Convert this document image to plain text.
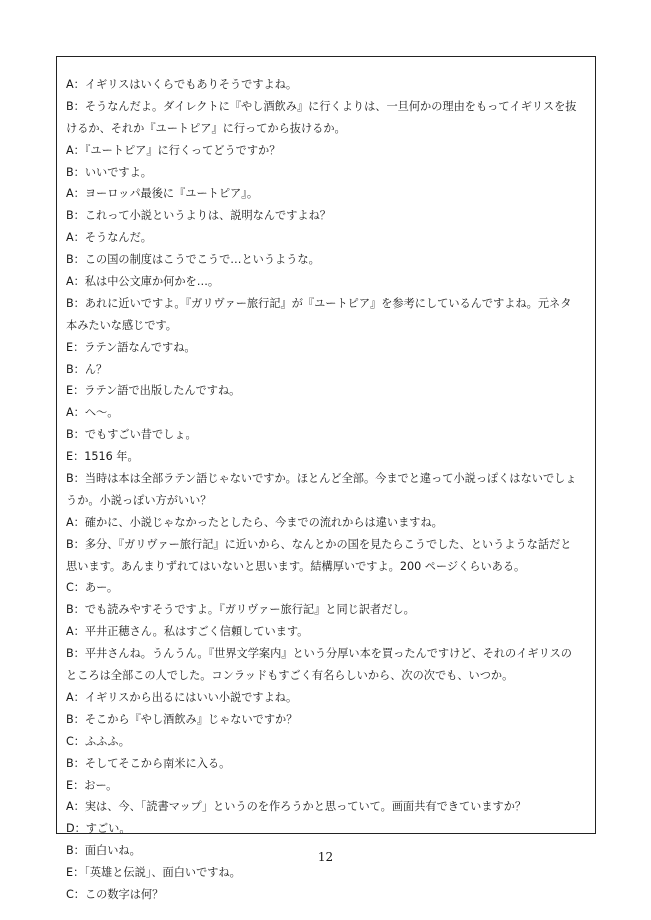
A：イギリスはいくらでもありそうですよね。
B：そうなんだよ。ダイレクトに『やし酒飲み』に行くよりは、一旦何かの理由をもってイギリスを抜
けるか、それか『ユートピア』に行ってから抜けるか。
A：『ユートピア』に行くってどうですか？
B：いいですよ。
A：ヨーロッパ最後に『ユートピア』。
B：これって小説というよりは、説明なんですよね？
A：そうなんだ。
B：この国の制度はこうでこうで…というような。
A：私は中公文庫か何かを…。
B：あれに近いですよ。『ガリヴァー旅行記』が『ユートピア』を参考にしているんですよね。元ネタ
本みたいな感じです。
E：ラテン語なんですね。
B：ん？
E：ラテン語で出版したんですね。
A：へ～。
B：でもすごい昔でしょ。
E：1516 年。
B：当時は本は全部ラテン語じゃないですか。ほとんど全部。今までと違って小説っぽくはないでしょ
うか。小説っぽい方がいい？
A：確かに、小説じゃなかったとしたら、今までの流れからは違いますね。
B：多分、『ガリヴァー旅行記』に近いから、なんとかの国を見たらこうでした、というような話だと
思います。あんまりずれてはいないと思います。結構厚いですよ。200 ページくらいある。
C：あー。
B：でも読みやすそうですよ。『ガリヴァー旅行記』と同じ訳者だし。
A：平井正穂さん。私はすごく信頼しています。
B：平井さんね。うんうん。『世界文学案内』という分厚い本を買ったんですけど、それのイギリスの
ところは全部この人でした。コンラッドもすごく有名らしいから、次の次でも、いつか。
A：イギリスから出るにはいい小説ですよね。
B：そこから『やし酒飲み』じゃないですか？
C：ふふふ。
B：そしてそこから南米に入る。
E：おー。
A：実は、今、「読書マップ」というのを作ろうかと思っていて。画面共有できていますか？
D：すごい。
B：面白いね。
E：「英雄と伝説」、面白いですね。
C：この数字は何？
12
